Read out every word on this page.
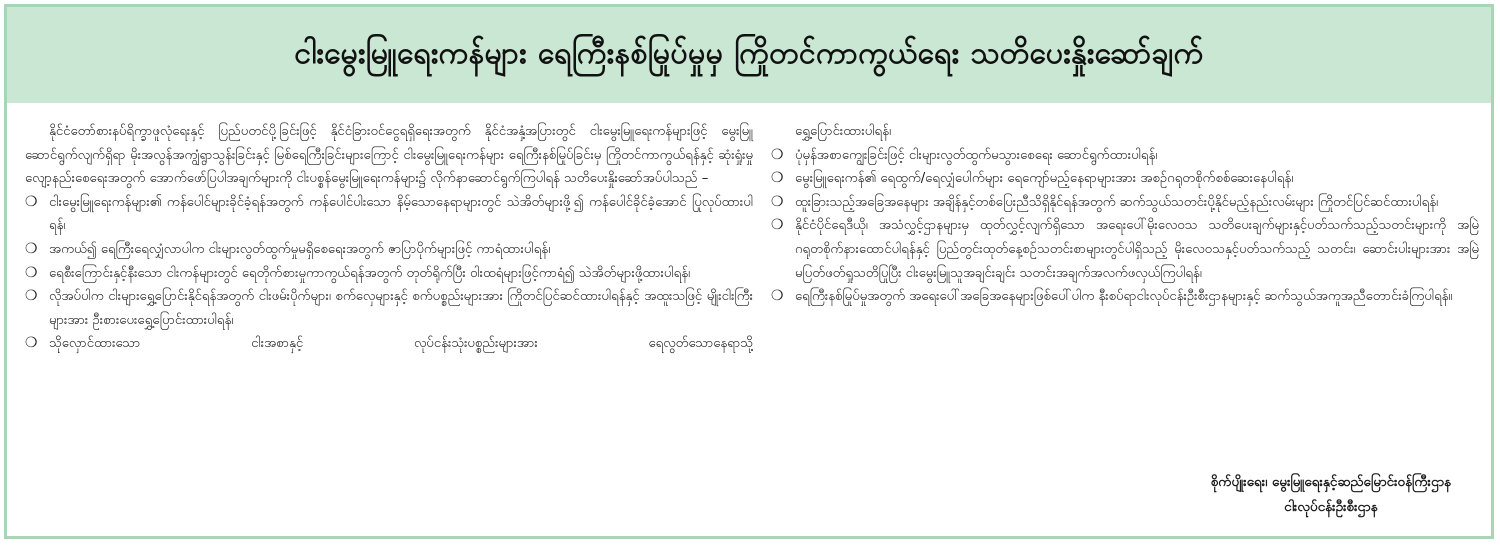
ငါးမွေးမြူရေးကန်များ ရေကြီးနစ်မြုပ်မှုမှ ကြိုတင်ကာကွယ်ရေး သတိပေးနှိုးဆော်ချက်

နိုင်ငံတော်စားနပ်ရိက္ခာဖူလုံရေးနှင့် ပြည်ပတင်ပို့ခြင်းဖြင့် နိုင်ငံခြားဝင်ငွေရရှိရေးအတွက် နိုင်ငံအနှံ့အပြားတွင် ငါးမွေးမြူရေးကန်များဖြင့် မွေးမြူဆောင်ရွက်လျက်ရှိရာ မိုးအလွန်အကျွံရွာသွန်းခြင်းနှင့် မြစ်ရေကြီးခြင်းများကြောင့် ငါးမွေးမြူရေးကန်များ ရေကြီးနစ်မြုပ်ခြင်းမှ ကြိုတင်ကာကွယ်ရန်နှင့် ဆုံးရှုံးမှုလျော့နည်းစေရေးအတွက် အောက်ဖော်ပြပါအချက်များကို ငါးပစ္စန်မွေးမြူရေးကန်များ၌ လိုက်နာဆောင်ရွက်ကြပါရန် သတိပေးနှိုးဆော်အပ်ပါသည် –

❍ ငါးမွေးမြူရေးကန်များ၏ ကန်ပေါင်များခိုင်ခံ့ရန်အတွက် ကန်ပေါင်ပါးသော နိမ့်သောနေရာများတွင် သဲအိတ်များဖို့၍ ကန်ပေါင်ခိုင်ခံ့အောင် ပြုလုပ်ထားပါရန်၊
❍ အကယ်၍ ရေကြီးရေလျှံလာပါက ငါးများလွတ်ထွက်မှုမရှိစေရေးအတွက် ဇာပြာပိုက်များဖြင့် ကာရံထားပါရန်၊
❍ ရေစီးကြောင်းနှင့်နီးသော ငါးကန်များတွင် ရေတိုက်စားမှုကာကွယ်ရန်အတွက် တုတ်ရိုက်ပြီး ဝါးထရံများဖြင့်ကာရံ၍ သဲအိတ်များဖို့ထားပါရန်၊
❍ လိုအပ်ပါက ငါးများရွှေ့ပြောင်းနိုင်ရန်အတွက် ငါးဖမ်းပိုက်များ၊ စက်လှေများနှင့် စက်ပစ္စည်းများအား ကြိုတင်ပြင်ဆင်ထားပါရန်နှင့် အထူးသဖြင့် မျိုးငါးကြီးများအား ဦးစားပေးရွှေ့ပြောင်းထားပါရန်၊
❍ သိုလှောင်ထားသော ငါးအစာနှင့် လုပ်ငန်းသုံးပစ္စည်းများအား ရေလွတ်သောနေရာသို့

ရွှေ့ပြောင်းထားပါရန်၊

❍ ပုံမှန်အစာကျွေးခြင်းဖြင့် ငါးများလွတ်ထွက်မသွားစေရေး ဆောင်ရွက်ထားပါရန်၊
❍ မွေးမြူရေးကန်၏ ရေထွက်/ရေလျှံပေါက်များ ရေကျော်မည့်နေရာများအား အစဉ်ဂရုတစိုက်စစ်ဆေးနေပါရန်၊
❍ ထူးခြားသည့်အခြေအနေများ အချိန်နှင့်တစ်ပြေးညီသိရှိနိုင်ရန်အတွက် ဆက်သွယ်သတင်းပို့နိုင်မည့်နည်းလမ်းများ ကြိုတင်ပြင်ဆင်ထားပါရန်၊
❍ နိုင်ငံပိုင်ရေဒီယို၊ အသံလွှင့်ဌာနများမှ ထုတ်လွှင့်လျက်ရှိသော အရေးပေါ်မိုးလေဝသ သတိပေးချက်များနှင့်ပတ်သက်သည့်သတင်းများကို အမြဲဂရုတစိုက်နားထောင်ပါရန်နှင့် ပြည်တွင်းထုတ်နေ့စဉ်သတင်းစာများတွင်ပါရှိသည့် မိုးလေဝသနှင့်ပတ်သက်သည့် သတင်း၊ ဆောင်းပါးများအား အမြဲမပြတ်ဖတ်ရှုသတိပြုပြီး ငါးမွေးမြူသူအချင်းချင်း သတင်းအချက်အလက်ဖလှယ်ကြပါရန်၊
❍ ရေကြီးနစ်မြုပ်မှုအတွက် အရေးပေါ်အခြေအနေများဖြစ်ပေါ်ပါက နီးစပ်ရာငါးလုပ်ငန်းဦးစီးဌာနများနှင့် ဆက်သွယ်အကူအညီတောင်းခံကြပါရန်။
စိုက်ပျိုးရေး၊ မွေးမြူရေးနှင့်ဆည်မြောင်းဝန်ကြီးဌာန
ငါးလုပ်ငန်းဦးစီးဌာန
